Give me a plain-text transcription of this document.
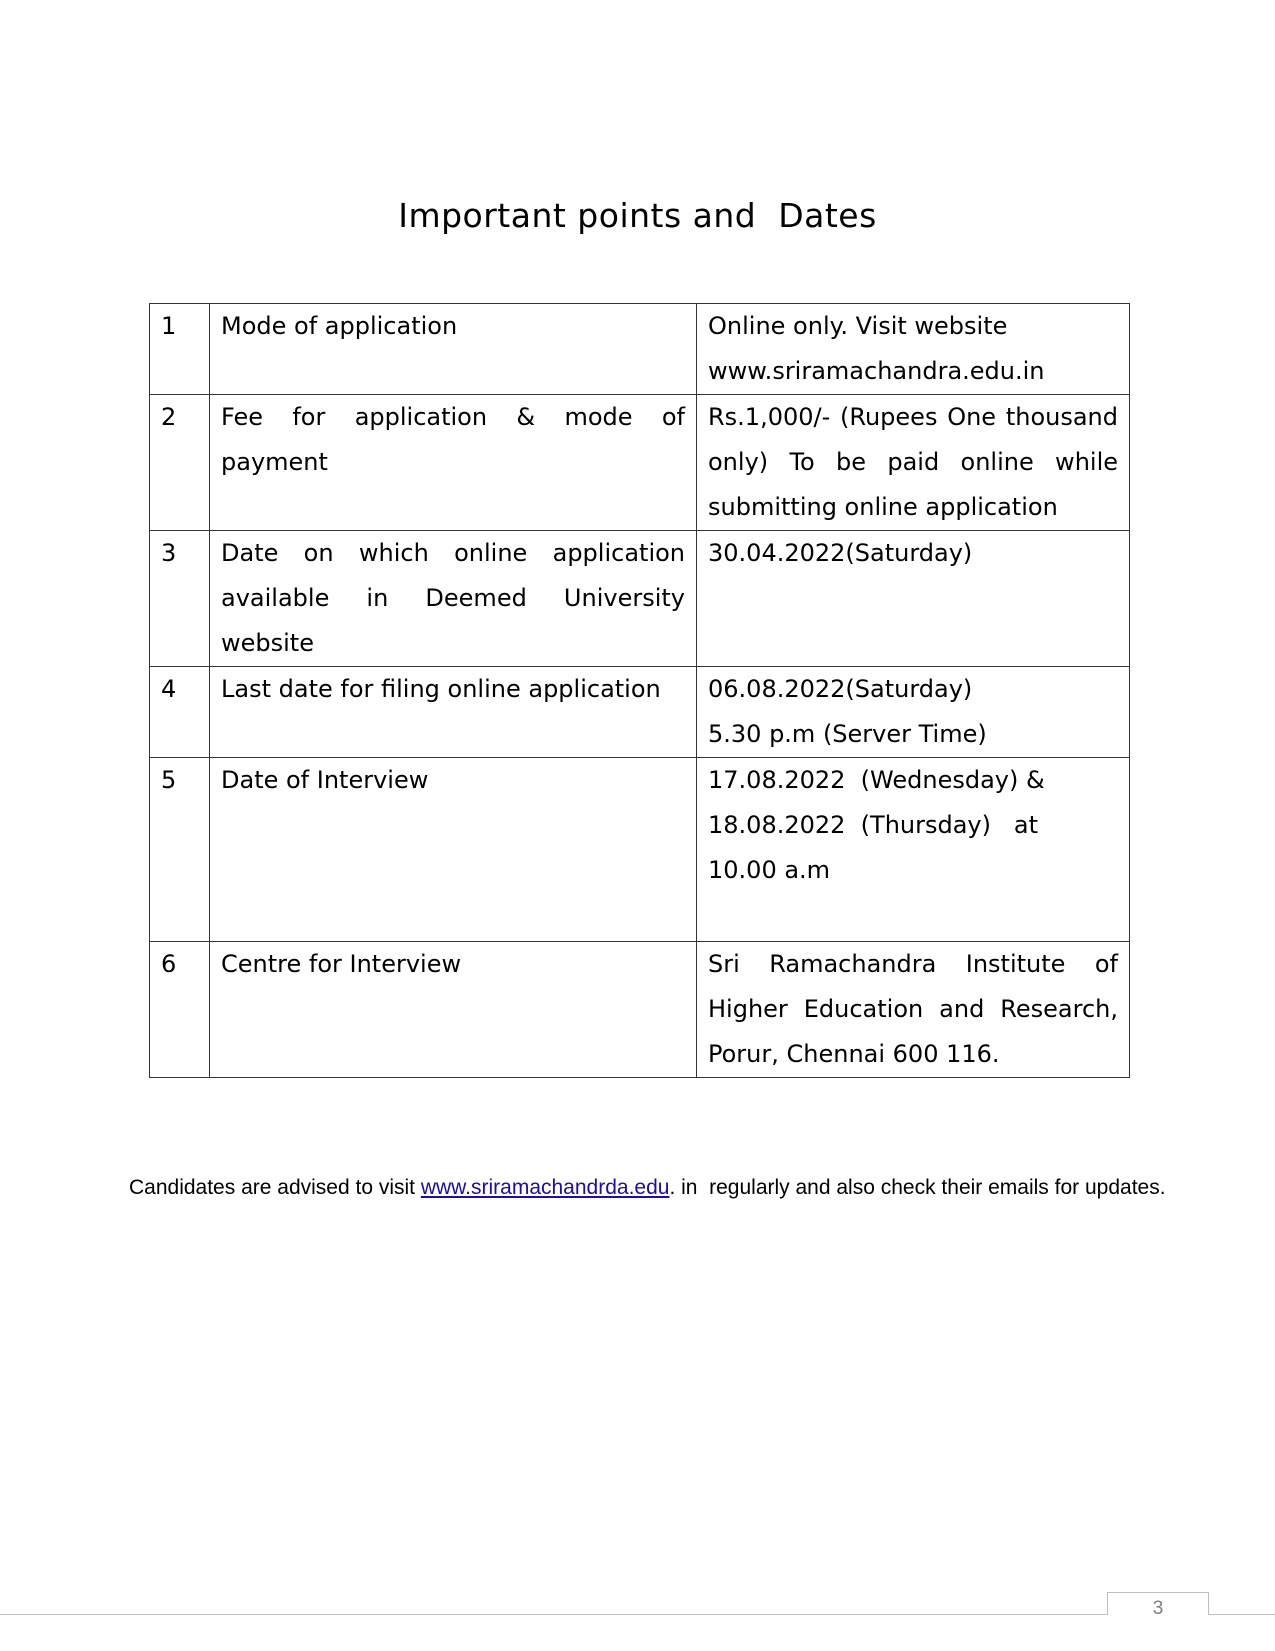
Important points and  Dates
1	Mode of application	Online only. Visit website
www.sriramachandra.edu.in

2	Fee for application & mode of payment	Rs.1,000/- (Rupees One thousand only) To be paid online while submitting online application
3	Date on which online application available in Deemed University website	30.04.2022(Saturday)

4	Last date for filing online application	06.08.2022(Saturday)
5.30 p.m (Server Time)

5	Date of Interview	17.08.2022  (Wednesday) &
18.08.2022  (Thursday)   at
10.00 a.m

6	Centre for Interview	Sri Ramachandra Institute of Higher Education and Research, Porur, Chennai 600 116.
Candidates are advised to visit www.sriramachandrda.edu. in  regularly and also check their emails for updates.
3
